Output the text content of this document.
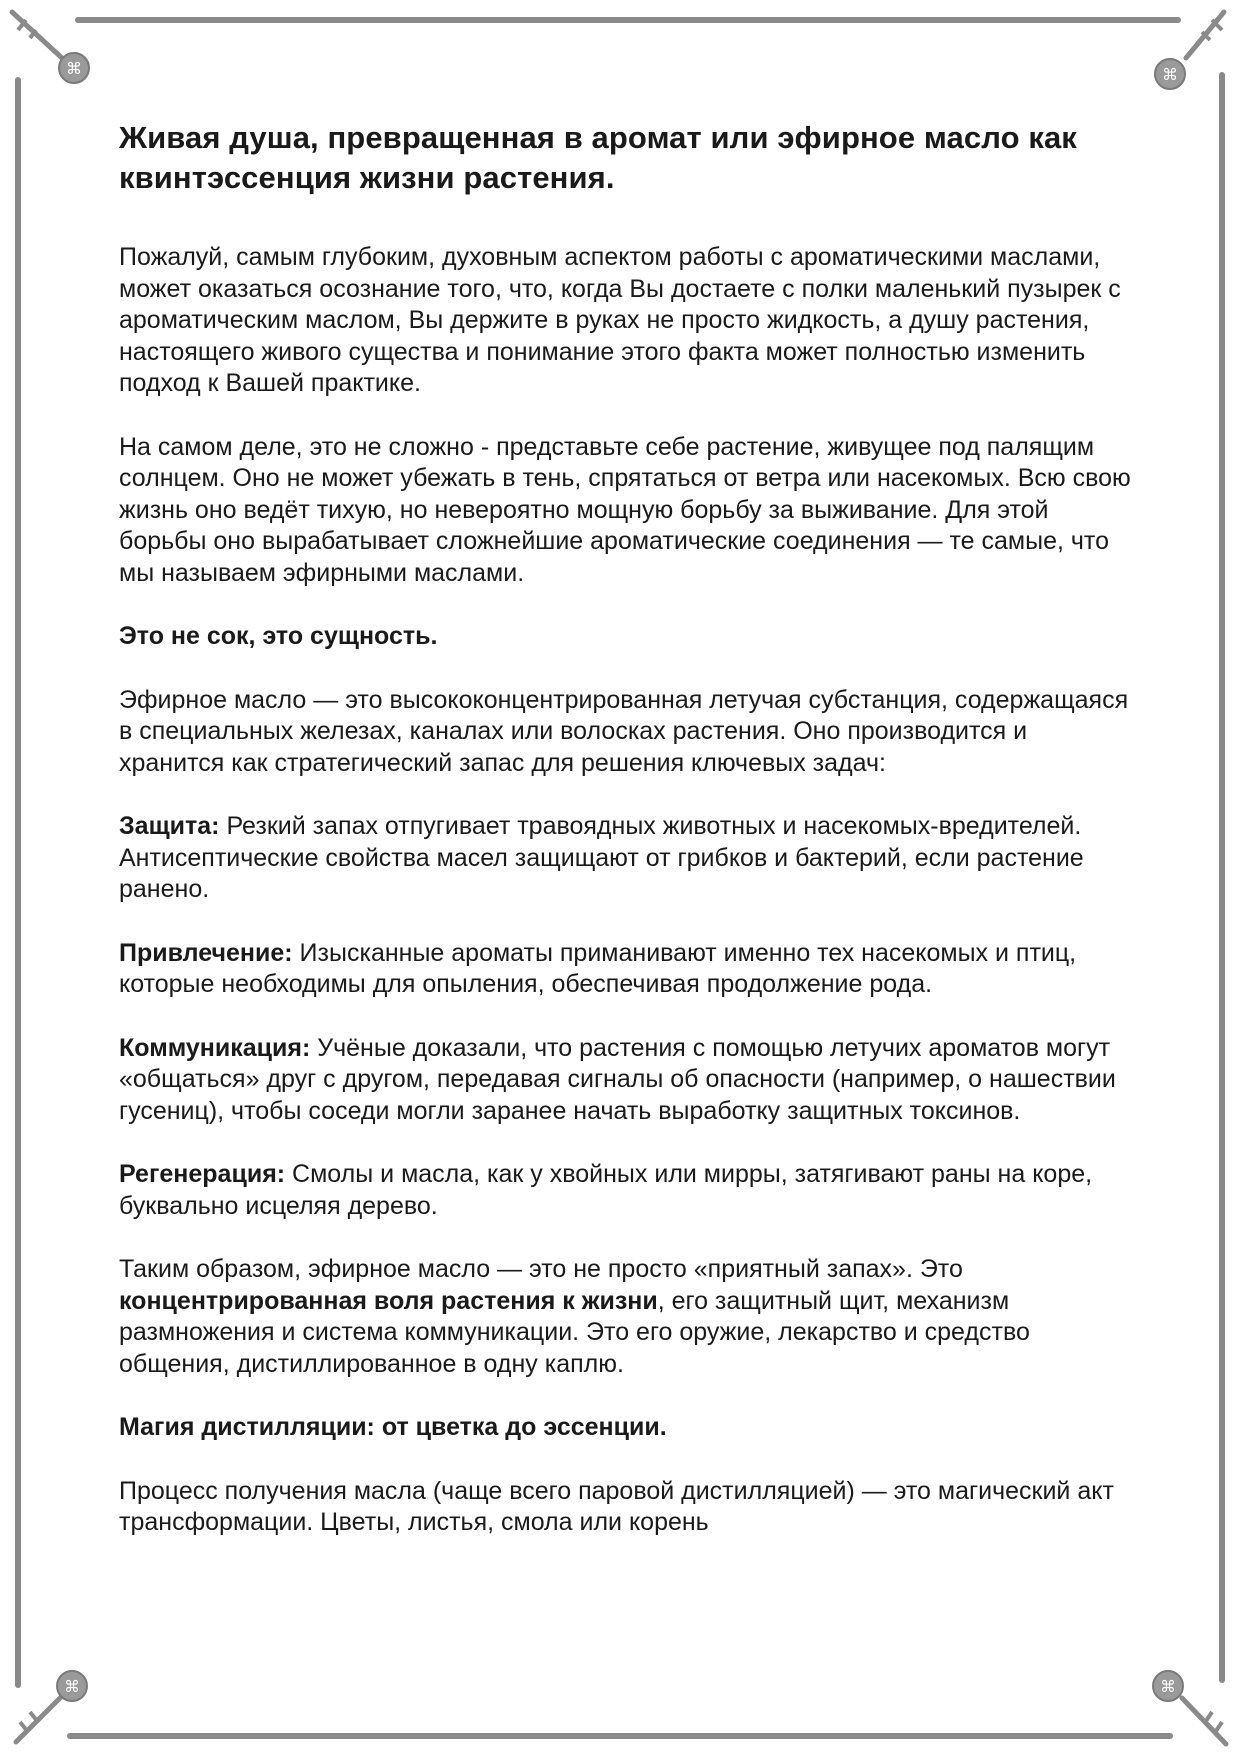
⌘	⌘
⌘	⌘
Живая душа, превращенная в аромат или эфирное масло как квинтэссенция жизни растения.

Пожалуй, самым глубоким, духовным аспектом работы с ароматическими маслами, может оказаться осознание того, что, когда Вы достаете с полки маленький пузырек с ароматическим маслом, Вы держите в руках не просто жидкость, а душу растения, настоящего живого существа и понимание этого факта может полностью изменить подход к Вашей практике.

На самом деле, это не сложно - представьте себе растение, живущее под палящим солнцем. Оно не может убежать в тень, спрятаться от ветра или насекомых. Всю свою жизнь оно ведёт тихую, но невероятно мощную борьбу за выживание. Для этой борьбы оно вырабатывает сложнейшие ароматические соединения — те самые, что мы называем эфирными маслами.

Это не сок, это сущность.

Эфирное масло — это высококонцентрированная летучая субстанция, содержащаяся в специальных железах, каналах или волосках растения. Оно производится и хранится как стратегический запас для решения ключевых задач:

Защита: Резкий запах отпугивает травоядных животных и насекомых-вредителей. Антисептические свойства масел защищают от грибков и бактерий, если растение ранено.

Привлечение: Изысканные ароматы приманивают именно тех насекомых и птиц, которые необходимы для опыления, обеспечивая продолжение рода.

Коммуникация: Учёные доказали, что растения с помощью летучих ароматов могут «общаться» друг с другом, передавая сигналы об опасности (например, о нашествии гусениц), чтобы соседи могли заранее начать выработку защитных токсинов.

Регенерация: Смолы и масла, как у хвойных или мирры, затягивают раны на коре, буквально исцеляя дерево.

Таким образом, эфирное масло — это не просто «приятный запах». Это концентрированная воля растения к жизни, его защитный щит, механизм размножения и система коммуникации. Это его оружие, лекарство и средство общения, дистиллированное в одну каплю.

Магия дистилляции: от цветка до эссенции.

Процесс получения масла (чаще всего паровой дистилляцией) — это магический акт трансформации. Цветы, листья, смола или корень
